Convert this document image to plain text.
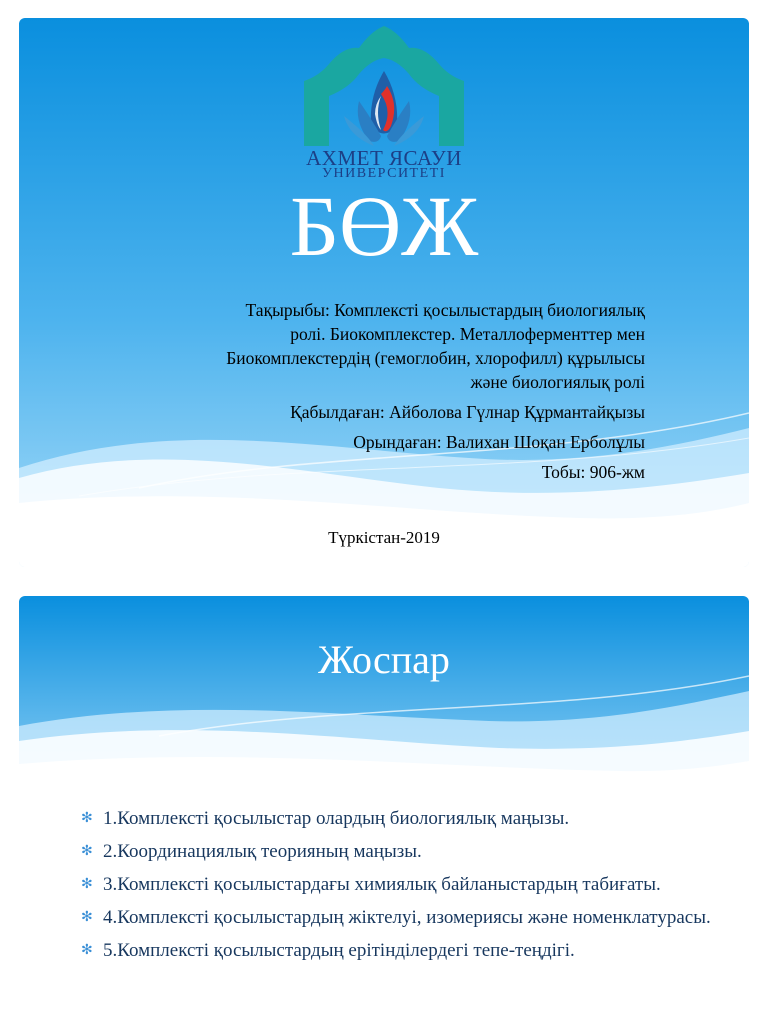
АХМЕТ ЯСАУИ
УНИВЕРСИТЕТІ
БӨЖ
Тақырыбы: Комплексті қосылыстардың биологиялық
ролі. Биокомплекстер. Металлоферменттер мен
Биокомплекстердің (гемоглобин, хлорофилл) құрылысы
және биологиялық ролі
Қабылдаған: Айболова Гүлнар Құрмантайқызы
Орындаған: Валихан Шоқан Ерболұлы
Тобы: 906-жм
Түркістан-2019
Жоспар
✻ 1.Комплексті қосылыстар олардың биологиялық маңызы.
✻ 2.Координациялық теорияның маңызы.
✻ 3.Комплексті қосылыстардағы химиялық байланыстардың табиғаты.
✻ 4.Комплексті қосылыстардың жіктелуі, изомериясы және номенклатурасы.
✻ 5.Комплексті қосылыстардың ерітінділердегі тепе-теңдігі.
